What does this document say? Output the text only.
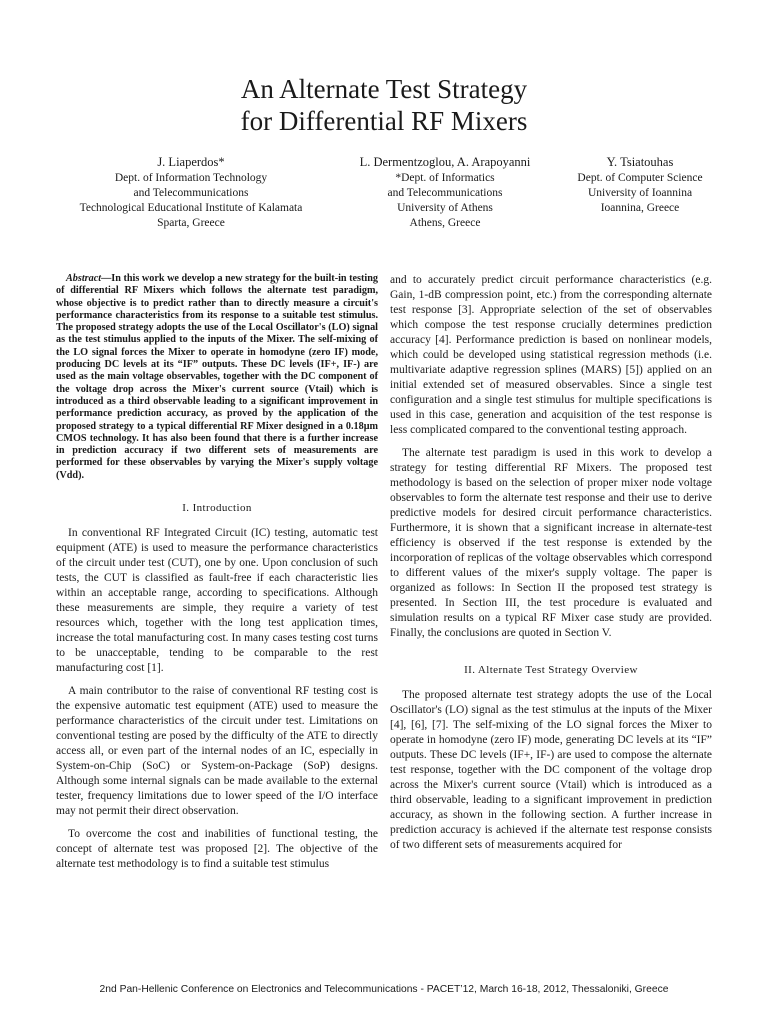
An Alternate Test Strategy
for Differential RF Mixers
J. Liaperdos*
Dept. of Information Technology
and Telecommunications
Technological Educational Institute of Kalamata
Sparta, Greece
L. Dermentzoglou, A. Arapoyanni
*Dept. of Informatics
and Telecommunications
University of Athens
Athens, Greece
Y. Tsiatouhas
Dept. of Computer Science
University of Ioannina
Ioannina, Greece

Abstract—In this work we develop a new strategy for the built-in testing of differential RF Mixers which follows the alternate test paradigm, whose objective is to predict rather than to directly measure a circuit's performance characteristics from its response to a suitable test stimulus. The proposed strategy adopts the use of the Local Oscillator's (LO) signal as the test stimulus applied to the inputs of the Mixer. The self-mixing of the LO signal forces the Mixer to operate in homodyne (zero IF) mode, producing DC levels at its “IF” outputs. These DC levels (IF+, IF-) are used as the main voltage observables, together with the DC component of the voltage drop across the Mixer's current source (Vtail) which is introduced as a third observable leading to a significant improvement in performance prediction accuracy, as proved by the application of the proposed strategy to a typical differential RF Mixer designed in a 0.18μm CMOS technology. It has also been found that there is a further increase in prediction accuracy if two different sets of measurements are performed for these observables by varying the Mixer's supply voltage (Vdd).

I. Introduction

In conventional RF Integrated Circuit (IC) testing, automatic test equipment (ATE) is used to measure the performance characteristics of the circuit under test (CUT), one by one. Upon conclusion of such tests, the CUT is classified as fault-free if each characteristic lies within an acceptable range, according to specifications. Although these measurements are simple, they require a variety of test resources which, together with the long test application times, increase the total manufacturing cost. In many cases testing cost turns to be unacceptable, tending to be comparable to the rest manufacturing cost [1].

A main contributor to the raise of conventional RF testing cost is the expensive automatic test equipment (ATE) used to measure the performance characteristics of the circuit under test. Limitations on conventional testing are posed by the difficulty of the ATE to directly access all, or even part of the internal nodes of an IC, especially in System-on-Chip (SoC) or System-on-Package (SoP) designs. Although some internal signals can be made available to the external tester, frequency limitations due to lower speed of the I/O interface may not permit their direct observation.

To overcome the cost and inabilities of functional testing, the concept of alternate test was proposed [2]. The objective of the alternate test methodology is to find a suitable test stimulus

and to accurately predict circuit performance characteristics (e.g. Gain, 1-dB compression point, etc.) from the corresponding alternate test response [3]. Appropriate selection of the set of observables which compose the test response crucially determines prediction accuracy [4]. Performance prediction is based on nonlinear models, which could be developed using statistical regression methods (i.e. multivariate adaptive regression splines (MARS) [5]) applied on an initial extended set of measured observables. Since a single test configuration and a single test stimulus for multiple specifications is used in this case, generation and acquisition of the test response is less complicated compared to the conventional testing approach.

The alternate test paradigm is used in this work to develop a strategy for testing differential RF Mixers. The proposed test methodology is based on the selection of proper mixer node voltage observables to form the alternate test response and their use to derive predictive models for desired circuit performance characteristics. Furthermore, it is shown that a significant increase in alternate-test efficiency is observed if the test response is extended by the incorporation of replicas of the voltage observables which correspond to different values of the mixer's supply voltage. The paper is organized as follows: In Section II the proposed test strategy is presented. In Section III, the test procedure is evaluated and simulation results on a typical RF Mixer case study are provided. Finally, the conclusions are quoted in Section V.

II. Alternate Test Strategy Overview

The proposed alternate test strategy adopts the use of the Local Oscillator's (LO) signal as the test stimulus at the inputs of the Mixer [4], [6], [7]. The self-mixing of the LO signal forces the Mixer to operate in homodyne (zero IF) mode, generating DC levels at its “IF” outputs. These DC levels (IF+, IF-) are used to compose the alternate test response, together with the DC component of the voltage drop across the Mixer's current source (Vtail) which is introduced as a third observable, leading to a significant improvement in prediction accuracy, as shown in the following section. A further increase in prediction accuracy is achieved if the alternate test response consists of two different sets of measurements acquired for

2nd Pan-Hellenic Conference on Electronics and Telecommunications - PACET’12, March 16-18, 2012, Thessaloniki, Greece
